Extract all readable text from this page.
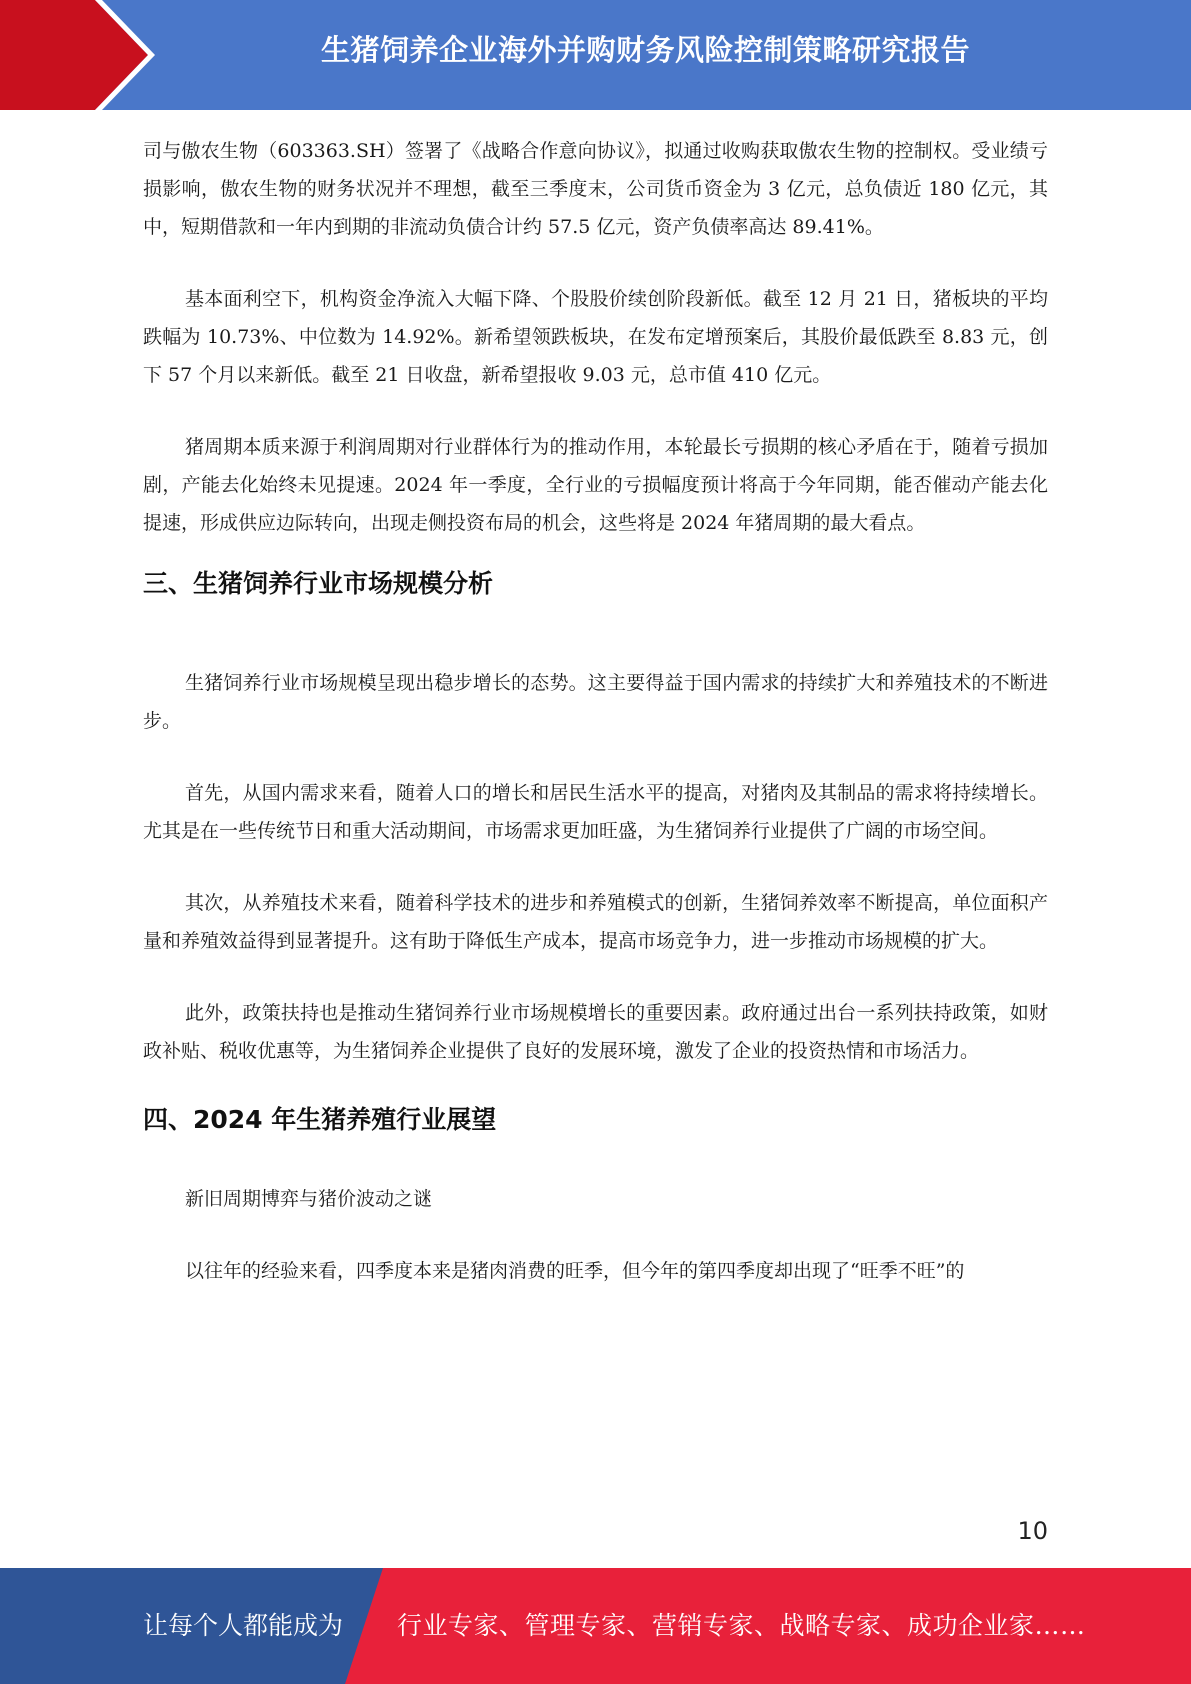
生猪饲养企业海外并购财务风险控制策略研究报告

司与傲农生物（603363.SH）签署了《战略合作意向协议》，拟通过收购获取傲农生物的控制权。受业绩亏损影响，傲农生物的财务状况并不理想，截至三季度末，公司货币资金为 3 亿元，总负债近 180 亿元，其中，短期借款和一年内到期的非流动负债合计约 57.5 亿元，资产负债率高达 89.41%。

基本面利空下，机构资金净流入大幅下降、个股股价续创阶段新低。截至 12 月 21 日，猪板块的平均跌幅为 10.73%、中位数为 14.92%。新希望领跌板块，在发布定增预案后，其股价最低跌至 8.83 元，创下 57 个月以来新低。截至 21 日收盘，新希望报收 9.03 元，总市值 410 亿元。

猪周期本质来源于利润周期对行业群体行为的推动作用，本轮最长亏损期的核心矛盾在于，随着亏损加剧，产能去化始终未见提速。2024 年一季度，全行业的亏损幅度预计将高于今年同期，能否催动产能去化提速，形成供应边际转向，出现走侧投资布局的机会，这些将是 2024 年猪周期的最大看点。

三、生猪饲养行业市场规模分析

生猪饲养行业市场规模呈现出稳步增长的态势。这主要得益于国内需求的持续扩大和养殖技术的不断进步。

首先，从国内需求来看，随着人口的增长和居民生活水平的提高，对猪肉及其制品的需求将持续增长。尤其是在一些传统节日和重大活动期间，市场需求更加旺盛，为生猪饲养行业提供了广阔的市场空间。

其次，从养殖技术来看，随着科学技术的进步和养殖模式的创新，生猪饲养效率不断提高，单位面积产量和养殖效益得到显著提升。这有助于降低生产成本，提高市场竞争力，进一步推动市场规模的扩大。

此外，政策扶持也是推动生猪饲养行业市场规模增长的重要因素。政府通过出台一系列扶持政策，如财政补贴、税收优惠等，为生猪饲养企业提供了良好的发展环境，激发了企业的投资热情和市场活力。

四、2024 年生猪养殖行业展望

新旧周期博弈与猪价波动之谜

以往年的经验来看，四季度本来是猪肉消费的旺季，但今年的第四季度却出现了“旺季不旺”的

10
让每个人都能成为 行业专家、管理专家、营销专家、战略专家、成功企业家……
